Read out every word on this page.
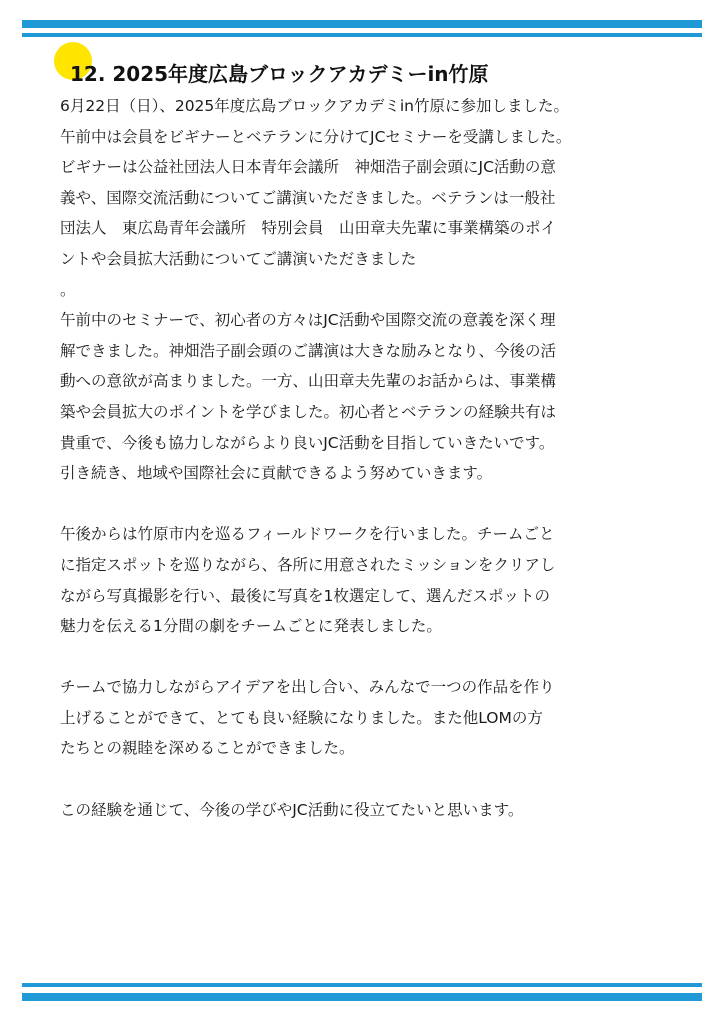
12. 2025年度広島ブロックアカデミーin竹原
6月22日（日）、2025年度広島ブロックアカデミin竹原に参加しました。
午前中は会員をビギナーとベテランに分けてJCセミナーを受講しました。
ビギナーは公益社団法人日本青年会議所　神畑浩子副会頭にJC活動の意
義や、国際交流活動についてご講演いただきました。ベテランは一般社
団法人　東広島青年会議所　特別会員　山田章夫先輩に事業構築のポイ
ントや会員拡大活動についてご講演いただきました
。
午前中のセミナーで、初心者の方々はJC活動や国際交流の意義を深く理
解できました。神畑浩子副会頭のご講演は大きな励みとなり、今後の活
動への意欲が高まりました。一方、山田章夫先輩のお話からは、事業構
築や会員拡大のポイントを学びました。初心者とベテランの経験共有は
貴重で、今後も協力しながらより良いJC活動を目指していきたいです。
引き続き、地域や国際社会に貢献できるよう努めていきます。
午後からは竹原市内を巡るフィールドワークを行いました。チームごと
に指定スポットを巡りながら、各所に用意されたミッションをクリアし
ながら写真撮影を行い、最後に写真を1枚選定して、選んだスポットの
魅力を伝える1分間の劇をチームごとに発表しました。
チームで協力しながらアイデアを出し合い、みんなで一つの作品を作り
上げることができて、とても良い経験になりました。また他LOMの方
たちとの親睦を深めることができました。
この経験を通じて、今後の学びやJC活動に役立てたいと思います。
